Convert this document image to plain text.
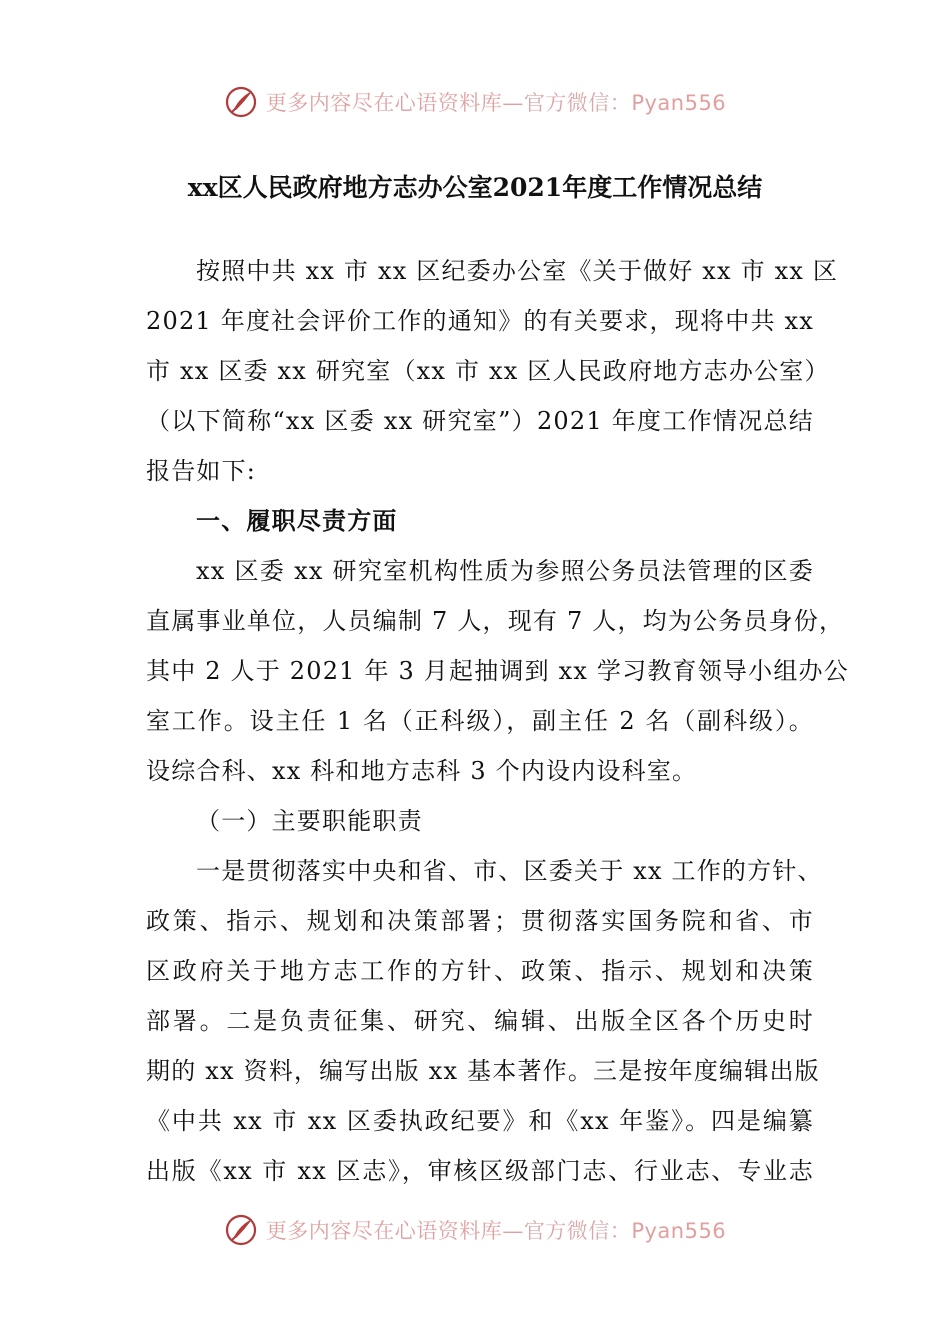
更多内容尽在心语资料库—官方微信：Pyan556
xx区人民政府地方志办公室2021年度工作情况总结
按照中共 xx 市 xx 区纪委办公室《关于做好 xx 市 xx 区
2021 年度社会评价工作的通知》的有关要求，现将中共 xx
市 xx 区委 xx 研究室（xx 市 xx 区人民政府地方志办公室）
（以下简称“xx 区委 xx 研究室”）2021 年度工作情况总结
报告如下:
一、履职尽责方面
xx 区委 xx 研究室机构性质为参照公务员法管理的区委
直属事业单位，人员编制 7 人，现有 7 人，均为公务员身份，
其中 2 人于 2021 年 3 月起抽调到 xx 学习教育领导小组办公
室工作。设主任 1 名（正科级），副主任 2 名（副科级）。
设综合科、xx 科和地方志科 3 个内设内设科室。
（一）主要职能职责
一是贯彻落实中央和省、市、区委关于 xx 工作的方针、
政策、指示、规划和决策部署；贯彻落实国务院和省、市
区政府关于地方志工作的方针、政策、指示、规划和决策
部署。二是负责征集、研究、编辑、出版全区各个历史时
期的 xx 资料，编写出版 xx 基本著作。三是按年度编辑出版
《中共 xx 市 xx 区委执政纪要》和《xx 年鉴》。四是编纂
出版《xx 市 xx 区志》，审核区级部门志、行业志、专业志
更多内容尽在心语资料库—官方微信：Pyan556
